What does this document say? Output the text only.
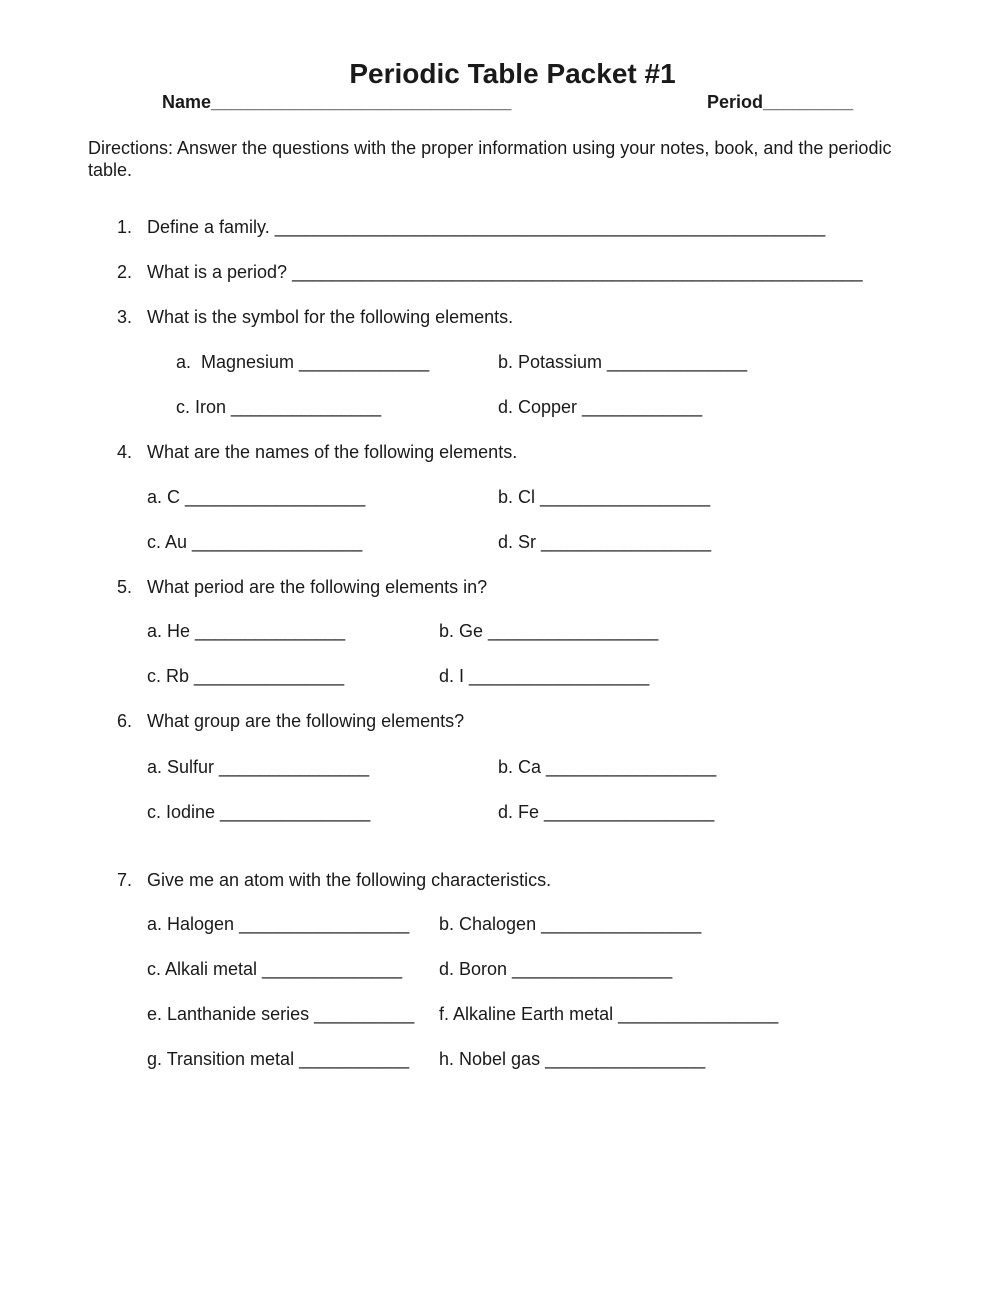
Periodic Table Packet #1
Name______________________________	Period_________
Directions: Answer the questions with the proper information using your notes, book, and the periodic table.
1. Define a family. _______________________________________________________
2. What is a period? _________________________________________________________
3. What is the symbol for the following elements.
a.  Magnesium _____________	b. Potassium ______________
c. Iron _______________	d. Copper ____________
4. What are the names of the following elements.
a. C __________________	b. Cl _________________
c. Au _________________	d. Sr _________________
5. What period are the following elements in?
a. He _______________	b. Ge _________________
c. Rb _______________	d. I __________________
6. What group are the following elements?
a. Sulfur _______________	b. Ca _________________
c. Iodine _______________	d. Fe _________________
7. Give me an atom with the following characteristics.
a. Halogen _________________ b. Chalogen ________________
c. Alkali metal ______________ d. Boron ________________
e. Lanthanide series __________ f. Alkaline Earth metal ________________
g. Transition metal ___________ h. Nobel gas ________________
